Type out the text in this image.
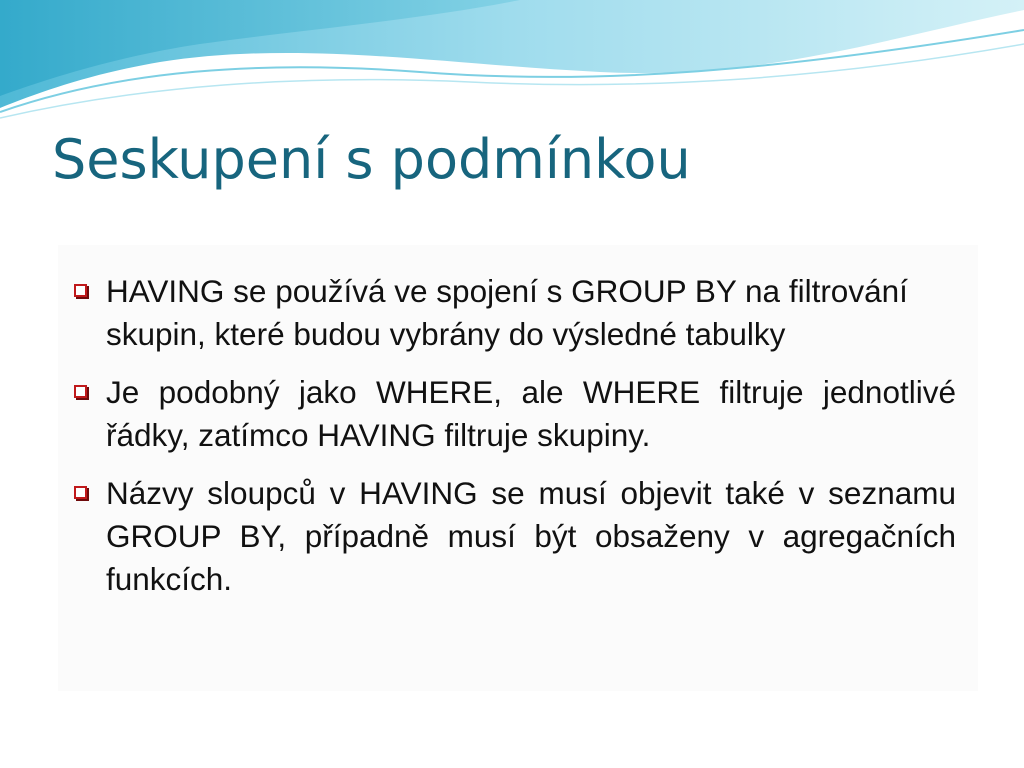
Seskupení s podmínkou
HAVING se používá ve spojení s GROUP BY na filtrování skupin, které budou vybrány do výsledné tabulky
Je podobný jako WHERE, ale WHERE filtruje jednotlivé řádky, zatímco HAVING filtruje skupiny.
Názvy sloupců v HAVING se musí objevit také v seznamu GROUP BY, případně musí být obsaženy v agregačních funkcích.
